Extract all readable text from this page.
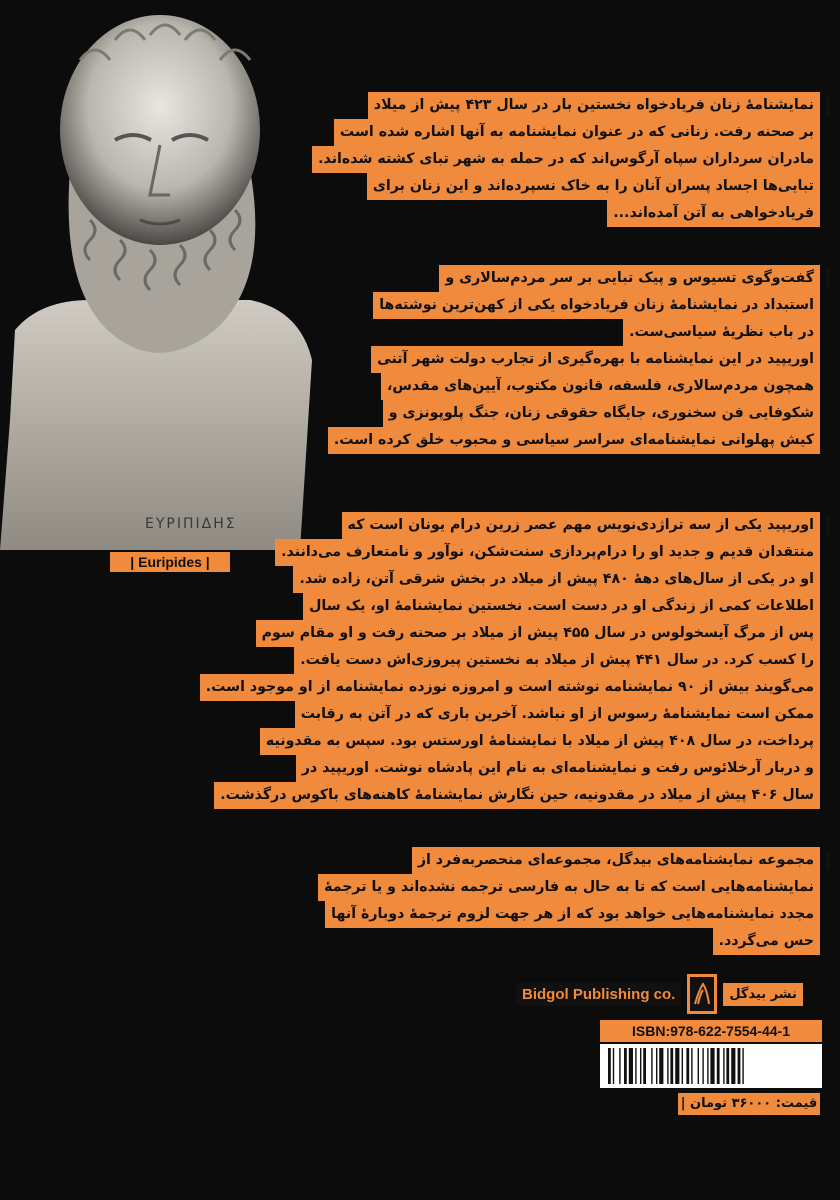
ΕΥΡΙΠΙΔΗΣ
| Euripides |
نمایشنامۀ زنان فریادخواه نخستین بار در سال ۴۲۳ پیش از میلاد
بر صحنه رفت. زنانی که در عنوان نمایشنامه به آنها اشاره شده است
مادران سرداران سپاه آرگوس‌اند که در حمله به شهر تبای کشته شده‌اند.
تبایی‌ها اجساد پسران آنان را به خاک نسپرده‌اند و این زنان برای
فریادخواهی به آتن آمده‌اند...
گفت‌وگوی تسیوس و پیک تبایی بر سر مردم‌سالاری و
استبداد در نمایشنامۀ زنان فریادخواه یکی از کهن‌ترین نوشته‌ها
در باب نظریۀ سیاسی‌ست.
اوریپید در این نمایشنامه با بهره‌گیری از تجارب دولت شهر آتنی
همچون مردم‌سالاری، فلسفه، قانون مکتوب، آیین‌های مقدس،
شکوفایی فن سخنوری، جایگاه حقوقی زنان، جنگ پلوپونزی و
کیش پهلوانی نمایشنامه‌ای سراسر سیاسی و محبوب خلق کرده است.
اوریپید یکی از سه تراژدی‌نویس مهم عصر زرین درام یونان است که
منتقدان قدیم و جدید او را درام‌پردازی سنت‌شکن، نوآور و نامتعارف می‌دانند.
او در یکی از سال‌های دهۀ ۴۸۰ پیش از میلاد در بخش شرقی آتن، زاده شد.
اطلاعات کمی از زندگی او در دست است. نخستین نمایشنامۀ او، یک سال
پس از مرگ آیسخولوس در سال ۴۵۵ پیش از میلاد بر صحنه رفت و او مقام سوم
را کسب کرد. در سال ۴۴۱ پیش از میلاد به نخستین پیروزی‌اش دست یافت.
می‌گویند بیش از ۹۰ نمایشنامه نوشته است و امروزه نوزده نمایشنامه از او موجود است.
ممکن است نمایشنامۀ رسوس از او نباشد. آخرین باری که در آتن به رقابت
پرداخت، در سال ۴۰۸ پیش از میلاد با نمایشنامۀ اورستس بود. سپس به مقدونیه
و دربار آرخلائوس رفت و نمایشنامه‌ای به نام این پادشاه نوشت. اوریپید در
سال ۴۰۶ پیش از میلاد در مقدونیه، حین نگارش نمایشنامۀ کاهنه‌های باکوس درگذشت.
مجموعه نمایشنامه‌های بیدگل، مجموعه‌ای منحصربه‌فرد از
نمایشنامه‌هایی است که تا به حال به فارسی ترجمه نشده‌اند و یا ترجمۀ
مجدد نمایشنامه‌هایی خواهد بود که از هر جهت لزوم ترجمۀ دوبارۀ آنها
حس می‌گردد.
Bidgol Publishing co.	نشر بیدگل
ISBN:978-622-7554-44-1
قیمت: ۳۶۰۰۰ تومان |
